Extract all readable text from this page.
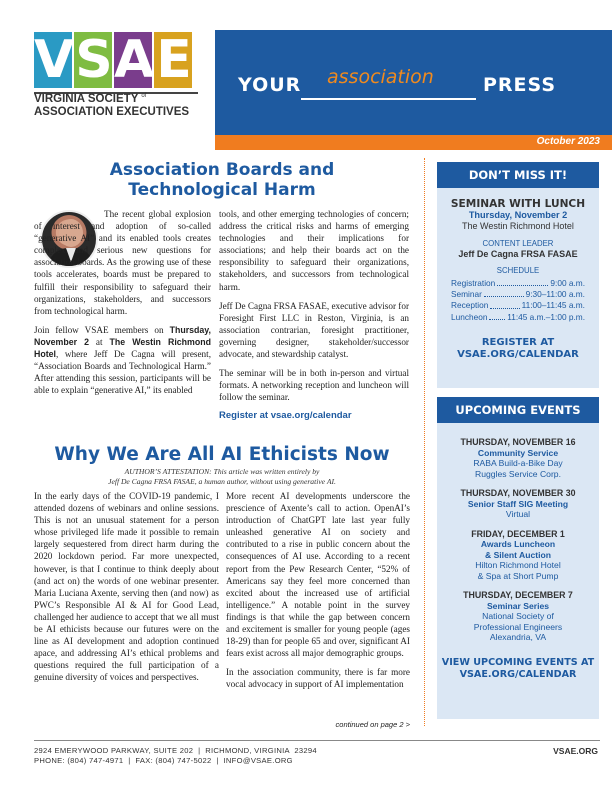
V S A E
VIRGINIA SOCIETY $^{of}$
ASSOCIATION EXECUTIVES
YOUR association	PRESS
October 2023
Association Boards and
Technological Harm

The recent global explosion of interest and adoption of so-called “generative AI” and its enabled tools creates complex and serious new questions for association boards. As the growing use of these tools accelerates, boards must be prepared to fulfill their responsibility to safeguard their organizations, stakeholders, and successors from technological harm.

Join fellow VSAE members on Thursday, November 2 at The Westin Richmond Hotel, where Jeff De Cagna will present, “Association Boards and Technological Harm.” After attending this session, participants will be able to explain “generative AI,” its enabled

tools, and other emerging technologies of concern; address the critical risks and harms of emerging technologies and their implications for associations; and help their boards act on the responsibility to safeguard their organizations, stakeholders, and successors from technological harm.

Jeff De Cagna FRSA FASAE, executive advisor for Foresight First LLC in Reston, Virginia, is an association contrarian, foresight practitioner, governing designer, stakeholder/successor advocate, and stewardship catalyst.

The seminar will be in both in-person and virtual formats. A networking reception and luncheon will follow the seminar.

Register at vsae.org/calendar

Why We Are All AI Ethicists Now
AUTHOR’S ATTESTATION: This article was written entirely by
Jeff De Cagna FRSA FASAE, a human author, without using generative AI.

In the early days of the COVID-19 pandemic, I attended dozens of webinars and online sessions. This is not an unusual statement for a person whose privileged life made it possible to remain largely sequestered from direct harm during the 2020 lockdown period. Far more unexpected, however, is that I continue to think deeply about (and act on) the words of one webinar presenter. Maria Luciana Axente, serving then (and now) as PWC’s Responsible AI & AI for Good Lead, challenged her audience to accept that we all must be AI ethicists because our futures were on the line as AI development and adoption continued apace, and addressing AI’s ethical problems and questions required the full participation of a genuine diversity of voices and perspectives.

More recent AI developments underscore the prescience of Axente’s call to action. OpenAI’s introduction of ChatGPT late last year fully unleashed generative AI on society and contributed to a rise in public concern about the consequences of AI use. According to a recent report from the Pew Research Center, “52% of Americans say they feel more concerned than excited about the increased use of artificial intelligence.” A notable point in the survey findings is that while the gap between concern and excitement is smaller for young people (ages 18-29) than for people 65 and over, significant AI fears exist across all major demographic groups.

In the association community, there is far more vocal advocacy in support of AI implementation

continued on page 2 >
DON’T MISS IT!
SEMINAR WITH LUNCH
Thursday, November 2
The Westin Richmond Hotel
CONTENT LEADER
Jeff De Cagna FRSA FASAE
SCHEDULE
Registration	9:00 a.m.
Seminar	9:30–11:00 a.m.
Reception	11:00–11:45 a.m.
Luncheon 11:45 a.m.–1:00 p.m.
REGISTER AT
VSAE.ORG/CALENDAR
UPCOMING EVENTS
THURSDAY, NOVEMBER 16
Community Service
RABA Build-a-Bike Day
Ruggles Service Corp.
THURSDAY, NOVEMBER 30
Senior Staff SIG Meeting
Virtual
FRIDAY, DECEMBER 1
Awards Luncheon
& Silent Auction
Hilton Richmond Hotel
& Spa at Short Pump
THURSDAY, DECEMBER 7
Seminar Series
National Society of
Professional Engineers
Alexandria, VA
VIEW UPCOMING EVENTS AT
VSAE.ORG/CALENDAR
2924 EMERYWOOD PARKWAY, SUITE 202  |  RICHMOND, VIRGINIA  23294
PHONE: (804) 747-4971  |  FAX: (804) 747-5022  |  INFO@VSAE.ORG
VSAE.ORG
